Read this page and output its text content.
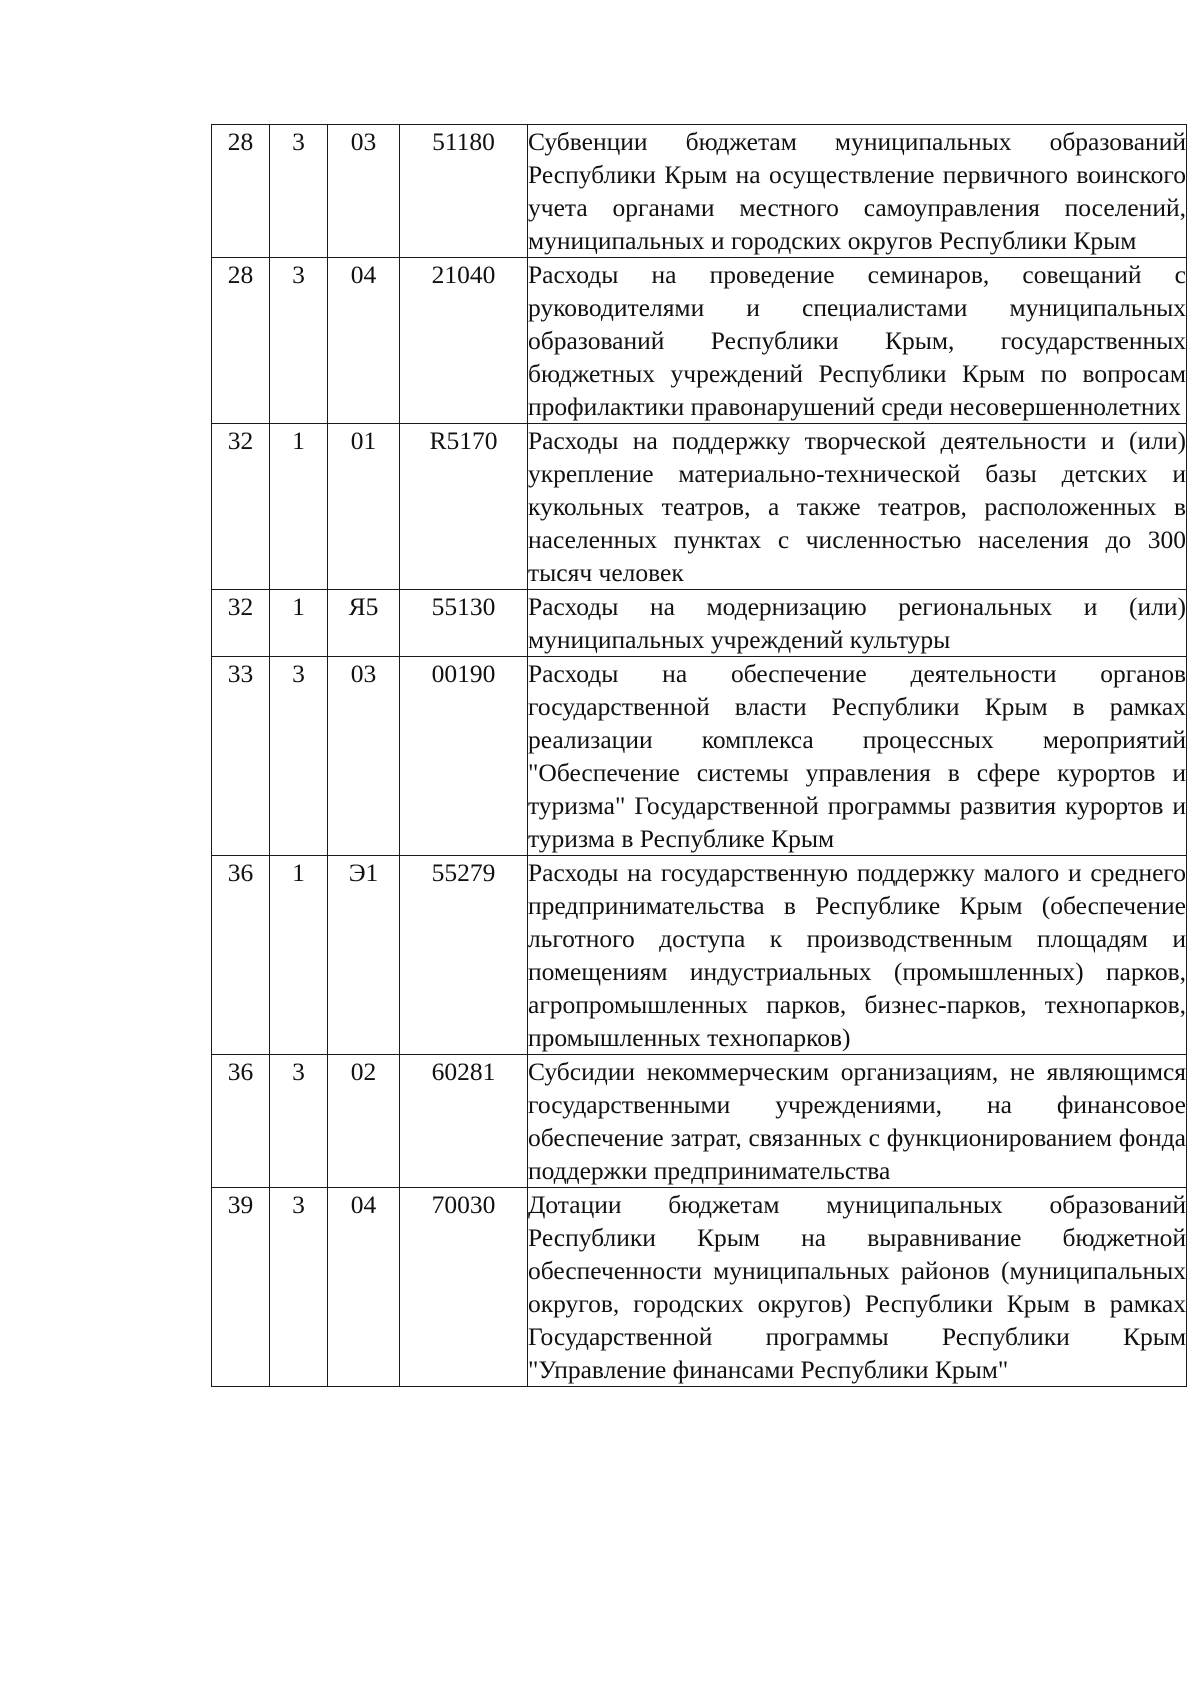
28	3	03	51180	Субвенции бюджетам муниципальных образований Республики Крым на осуществление первичного воинского учета органами местного самоуправления поселений, муниципальных и городских округов Республики Крым
28	3	04	21040	Расходы на проведение семинаров, совещаний с руководителями и специалистами муниципальных образований Республики Крым, государственных бюджетных учреждений Республики Крым по вопросам профилактики правонарушений среди несовершеннолетних
32	1	01	R5170	Расходы на поддержку творческой деятельности и (или) укрепление материально-технической базы детских и кукольных театров, а также театров, расположенных в населенных пунктах с численностью населения до 300 тысяч человек
32	1	Я5	55130	Расходы на модернизацию региональных и (или) муниципальных учреждений культуры
33	3	03	00190	Расходы на обеспечение деятельности органов государственной власти Республики Крым в рамках реализации комплекса процессных мероприятий "Обеспечение системы управления в сфере курортов и туризма" Государственной программы развития курортов и туризма в Республике Крым
36	1	Э1	55279	Расходы на государственную поддержку малого и среднего предпринимательства в Республике Крым (обеспечение льготного доступа к производственным площадям и помещениям индустриальных (промышленных) парков, агропромышленных парков, бизнес-парков, технопарков, промышленных технопарков)
36	3	02	60281	Субсидии некоммерческим организациям, не являющимся государственными учреждениями, на финансовое обеспечение затрат, связанных с функционированием фонда поддержки предпринимательства
39	3	04	70030	Дотации бюджетам муниципальных образований Республики Крым на выравнивание бюджетной обеспеченности муниципальных районов (муниципальных округов, городских округов) Республики Крым в рамках Государственной программы Республики Крым "Управление финансами Республики Крым"
